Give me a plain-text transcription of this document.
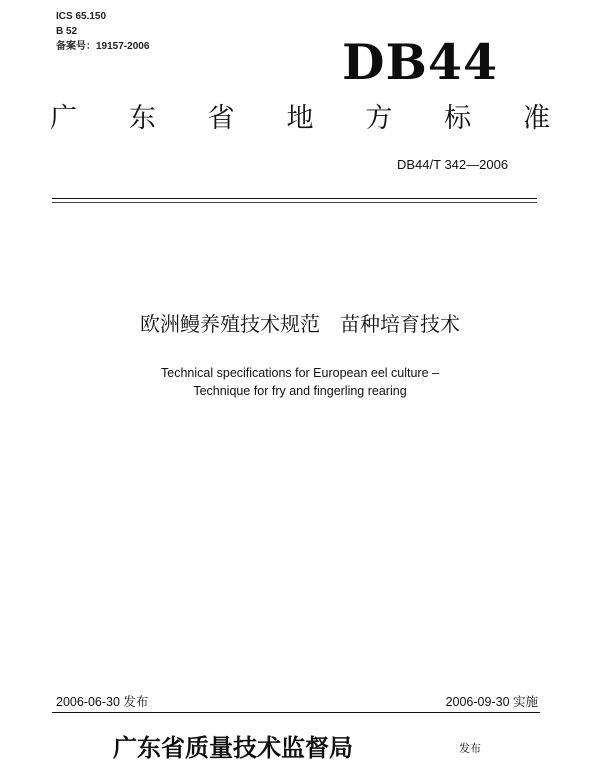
ICS 65.150
B 52
备案号：19157-2006	DB44
广 东 省 地 方 标 准
DB44/T 342—2006
欧洲鳗养殖技术规范　苗种培育技术
Technical specifications for European eel culture –
Technique for fry and fingerling rearing
2006-06-30 发布	2006-09-30 实施
广东省质量技术监督局	发布
